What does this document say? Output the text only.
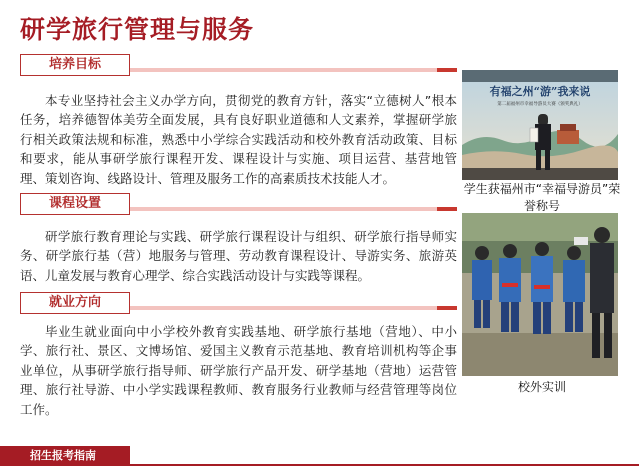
研学旅行管理与服务
培养目标
本专业坚持社会主义办学方向，贯彻党的教育方针，落实“立德树人”根本任务，培养德智体美劳全面发展，具有良好职业道德和人文素养，掌握研学旅行相关政策法规和标准，熟悉中小学综合实践活动和校外教育活动政策、目标和要求，能从事研学旅行课程开发、课程设计与实施、项目运营、基营地管理、策划咨询、线路设计、管理及服务工作的高素质技术技能人才。
课程设置
研学旅行教育理论与实践、研学旅行课程设计与组织、研学旅行指导师实务、研学旅行基（营）地服务与管理、劳动教育课程设计、导游实务、旅游英语、儿童发展与教育心理学、综合实践活动设计与实践等课程。
就业方向
毕业生就业面向中小学校外教育实践基地、研学旅行基地（营地）、中小学、旅行社、景区、文博场馆、爱国主义教育示范基地、教育培训机构等企事业单位，从事研学旅行指导师、研学旅行产品开发、研学基地（营地）运营管理、旅行社导游、中小学实践课程教师、教育服务行业教师与经营管理等岗位工作。
有福之州“游”我来说
第二届福州市幸福导游员大赛（颁奖典礼）
学生获福州市“幸福导游员”荣誉称号
校外实训
招生报考指南
